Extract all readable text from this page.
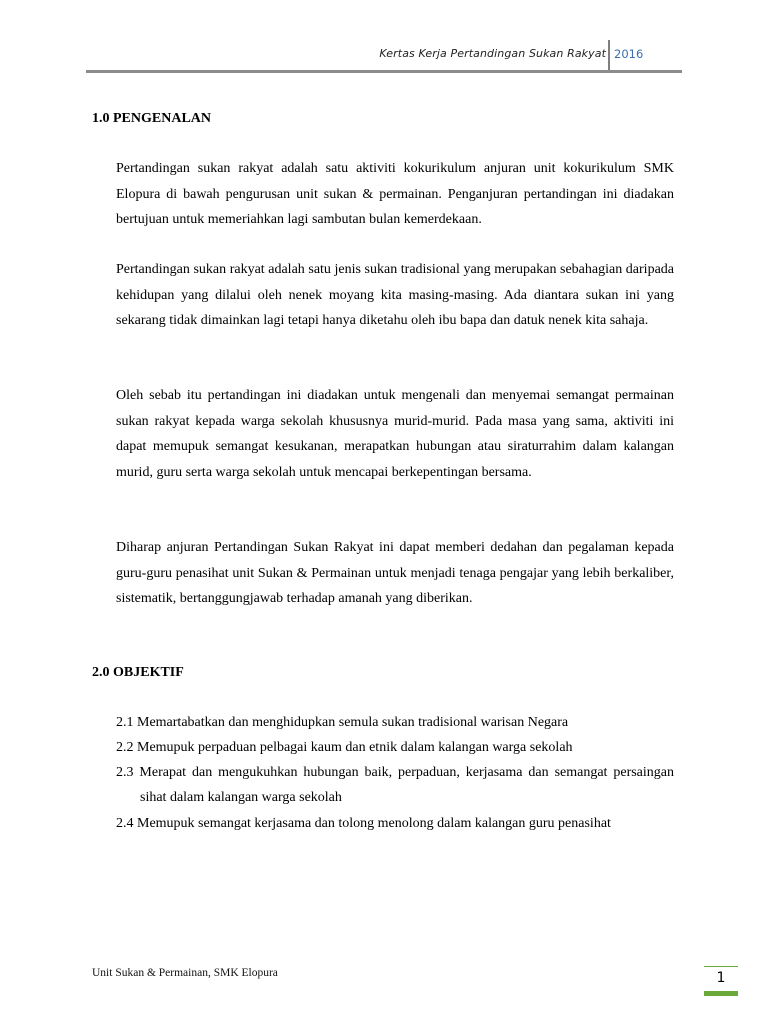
Kertas Kerja Pertandingan Sukan Rakyat 2016
1.0 PENGENALAN

Pertandingan sukan rakyat adalah satu aktiviti kokurikulum anjuran unit kokurikulum SMK Elopura di bawah pengurusan unit sukan & permainan. Penganjuran pertandingan ini diadakan bertujuan untuk memeriahkan lagi sambutan bulan kemerdekaan.

Pertandingan sukan rakyat adalah satu jenis sukan tradisional yang merupakan sebahagian daripada kehidupan yang dilalui oleh nenek moyang kita masing-masing. Ada diantara sukan ini yang sekarang tidak dimainkan lagi tetapi hanya diketahu oleh ibu bapa dan datuk nenek kita sahaja.

Oleh sebab itu pertandingan ini diadakan untuk mengenali dan menyemai semangat permainan sukan rakyat kepada warga sekolah khususnya murid-murid. Pada masa yang sama, aktiviti ini dapat memupuk semangat kesukanan, merapatkan hubungan atau siraturrahim dalam kalangan murid, guru serta warga sekolah untuk mencapai berkepentingan bersama.

Diharap anjuran Pertandingan Sukan Rakyat ini dapat memberi dedahan dan pegalaman kepada guru-guru penasihat unit Sukan & Permainan untuk menjadi tenaga pengajar yang lebih berkaliber, sistematik, bertanggungjawab terhadap amanah yang diberikan.

2.0 OBJEKTIF

2.1 Memartabatkan dan menghidupkan semula sukan tradisional warisan Negara

2.2 Memupuk perpaduan pelbagai kaum dan etnik dalam kalangan warga sekolah

2.3 Merapat dan mengukuhkan hubungan baik, perpaduan, kerjasama dan semangat persaingan sihat dalam kalangan warga sekolah

2.4 Memupuk semangat kerjasama dan tolong menolong dalam kalangan guru penasihat

Unit Sukan & Permainan, SMK Elopura	1
